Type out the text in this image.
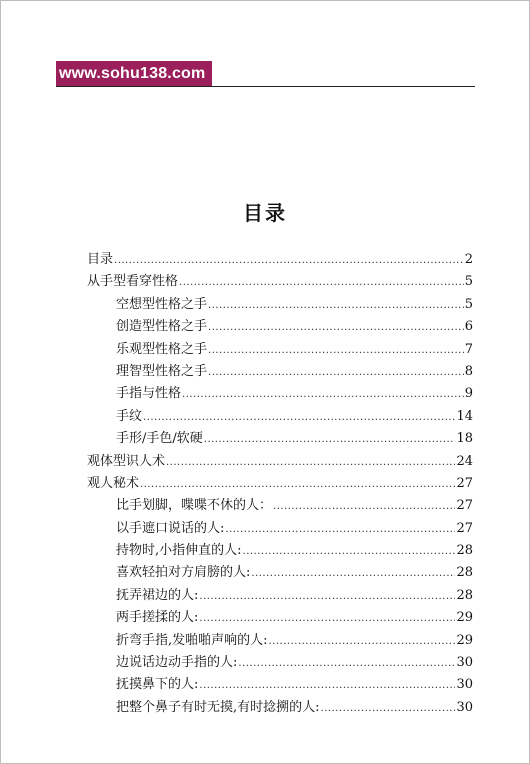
www.sohu138.com
目录
目录 .....	2
从手型看穿性格 .....	5
空想型性格之手 .....	5
创造型性格之手 .....	6
乐观型性格之手 .....	7
理智型性格之手 .....	8
手指与性格 .....	9
手纹 .....	14
手形/手色/软硬 .....	18
观体型识人术 .....	24
观人秘术 .....	27
比手划脚，喋喋不休的人： .....	27
以手遮口说话的人: .....	27
持物时,小指伸直的人: .....	28
喜欢轻拍对方肩膀的人: .....	28
抚弄裙边的人: .....	28
两手搓揉的人: .....	29
折弯手指,发啪啪声响的人: .....	29
边说话边动手指的人: .....	30
抚摸鼻下的人: .....	30
把整个鼻子有时无摸,有时捻搠的人: .....	30
